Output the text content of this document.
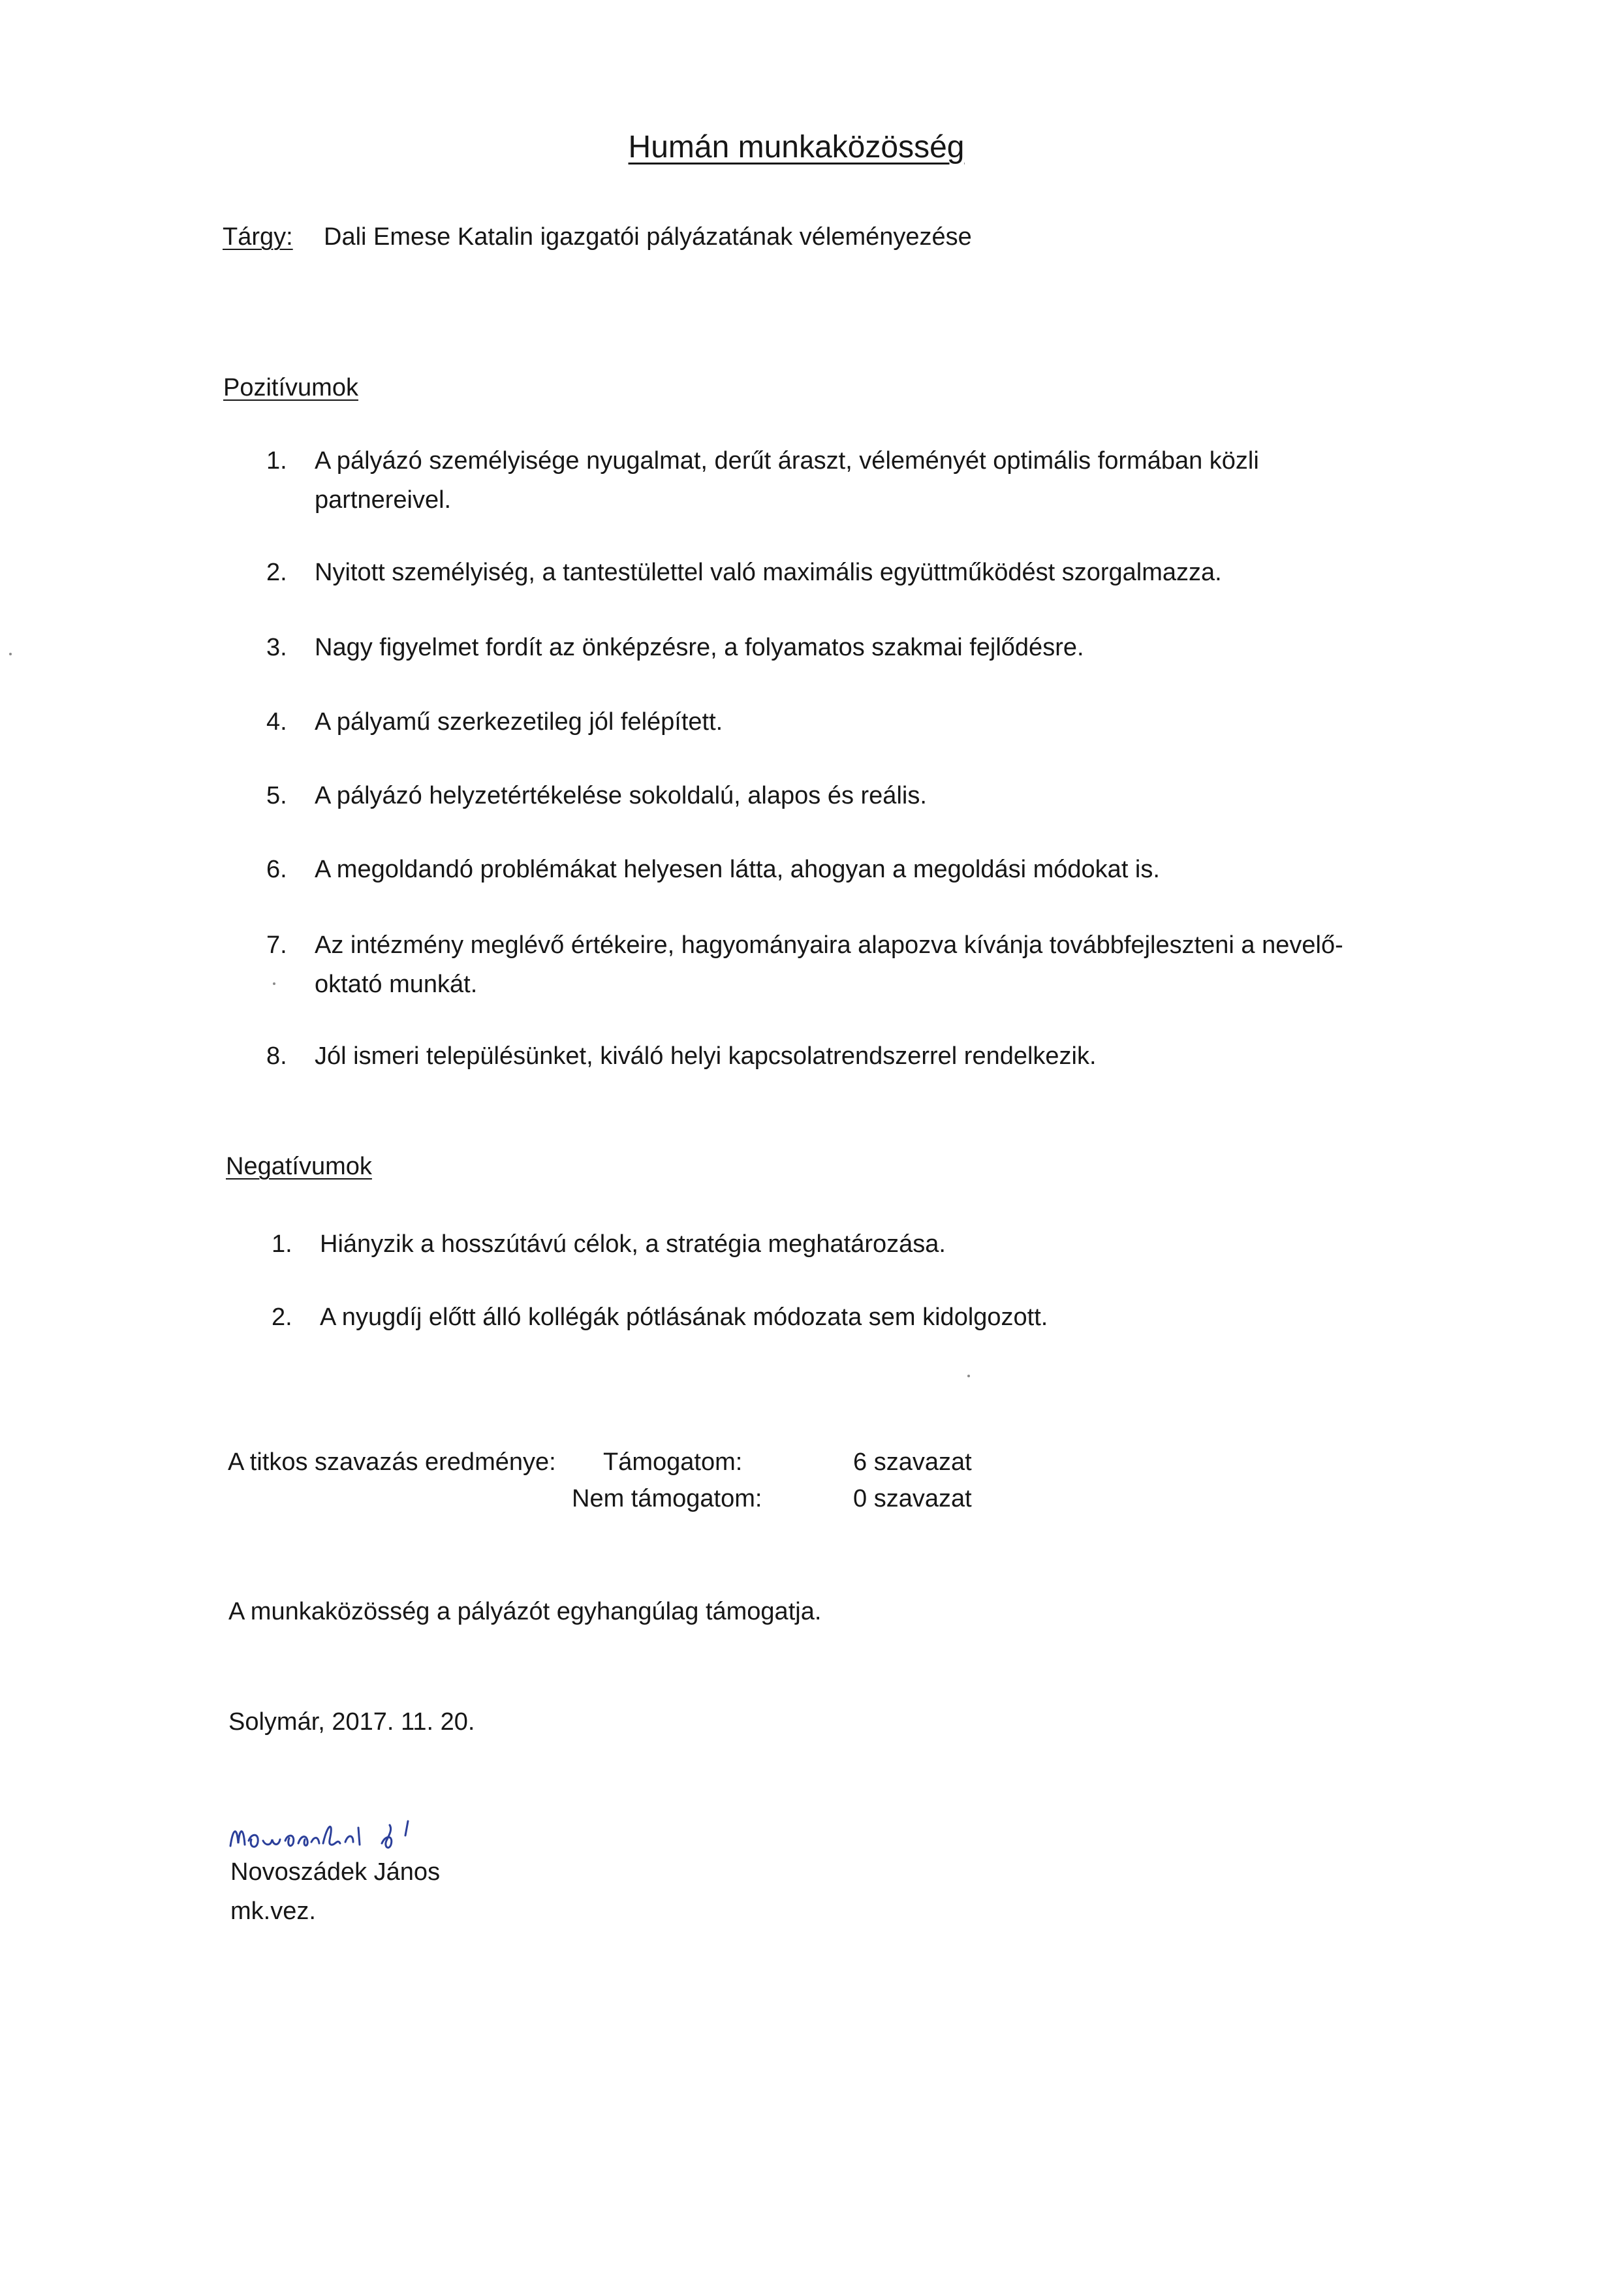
Humán munkaközösség
Tárgy: Dali Emese Katalin igazgatói pályázatának véleményezése
Pozitívumok
1.	A pályázó személyisége nyugalmat, derűt áraszt, véleményét optimális formában közli partnereivel.
2.	Nyitott személyiség, a tantestülettel való maximális együttműködést szorgalmazza.
3.	Nagy figyelmet fordít az önképzésre, a folyamatos szakmai fejlődésre.
4.	A pályamű szerkezetileg jól felépített.
5.	A pályázó helyzetértékelése sokoldalú, alapos és reális.
6.	A megoldandó problémákat helyesen látta, ahogyan a megoldási módokat is.
7.	Az intézmény meglévő értékeire, hagyományaira alapozva kívánja továbbfejleszteni a nevelő-oktató munkát.
8.	Jól ismeri településünket, kiváló helyi kapcsolatrendszerrel rendelkezik.
Negatívumok
1.	Hiányzik a hosszútávú célok, a stratégia meghatározása.
2.	A nyugdíj előtt álló kollégák pótlásának módozata sem kidolgozott.
A titkos szavazás eredménye: Támogatom:	6 szavazat
Nem támogatom:	0 szavazat
A munkaközösség a pályázót egyhangúlag támogatja.
Solymár, 2017. 11. 20.
Novoszádek János
mk.vez.
